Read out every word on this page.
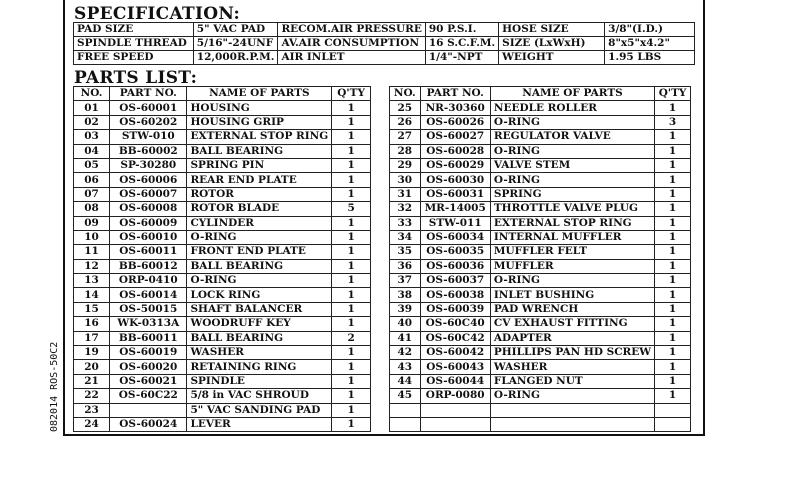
SPECIFICATION:
PAD SIZE	5" VAC PAD	RECOM.AIR PRESSURE	90 P.S.I.	HOSE SIZE	3/8"(I.D.)
SPINDLE THREAD	5/16"-24UNF	AV.AIR CONSUMPTION	16 S.C.F.M.	SIZE (LxWxH)	8"x5"x4.2"
FREE SPEED	12,000R.P.M.	AIR INLET	1/4"-NPT	WEIGHT	1.95 LBS
PARTS LIST:
NO.	PART NO.	NAME OF PARTS	Q'TY
01	OS-60001	HOUSING	1
02	OS-60202	HOUSING GRIP	1
03	STW-010	EXTERNAL STOP RING	1
04	BB-60002	BALL BEARING	1
05	SP-30280	SPRING PIN	1
06	OS-60006	REAR END PLATE	1
07	OS-60007	ROTOR	1
08	OS-60008	ROTOR BLADE	5
09	OS-60009	CYLINDER	1
10	OS-60010	O-RING	1
11	OS-60011	FRONT END PLATE	1
12	BB-60012	BALL BEARING	1
13	ORP-0410	O-RING	1
14	OS-60014	LOCK RING	1
15	OS-50015	SHAFT BALANCER	1
16	WK-0313A	WOODRUFF KEY	1
17	BB-60011	BALL BEARING	2
19	OS-60019	WASHER	1
20	OS-60020	RETAINING RING	1
21	OS-60021	SPINDLE	1
22	OS-60C22	5/8 in VAC SHROUD	1
23		5" VAC SANDING PAD	1
24	OS-60024	LEVER	1
NO.	PART NO.	NAME OF PARTS	Q'TY
25	NR-30360	NEEDLE ROLLER	1
26	OS-60026	O-RING	3
27	OS-60027	REGULATOR VALVE	1
28	OS-60028	O-RING	1
29	OS-60029	VALVE STEM	1
30	OS-60030	O-RING	1
31	OS-60031	SPRING	1
32	MR-14005	THROTTLE VALVE PLUG	1
33	STW-011	EXTERNAL STOP RING	1
34	OS-60034	INTERNAL MUFFLER	1
35	OS-60035	MUFFLER FELT	1
36	OS-60036	MUFFLER	1
37	OS-60037	O-RING	1
38	OS-60038	INLET BUSHING	1
39	OS-60039	PAD WRENCH	1
40	OS-60C40	CV EXHAUST FITTING	1
41	OS-60C42	ADAPTER	1
42	OS-60042	PHILLIPS PAN HD SCREW	1
43	OS-60043	WASHER	1
44	OS-60044	FLANGED NUT	1
45	ORP-0080	O-RING	1

082014 ROS-50C2
